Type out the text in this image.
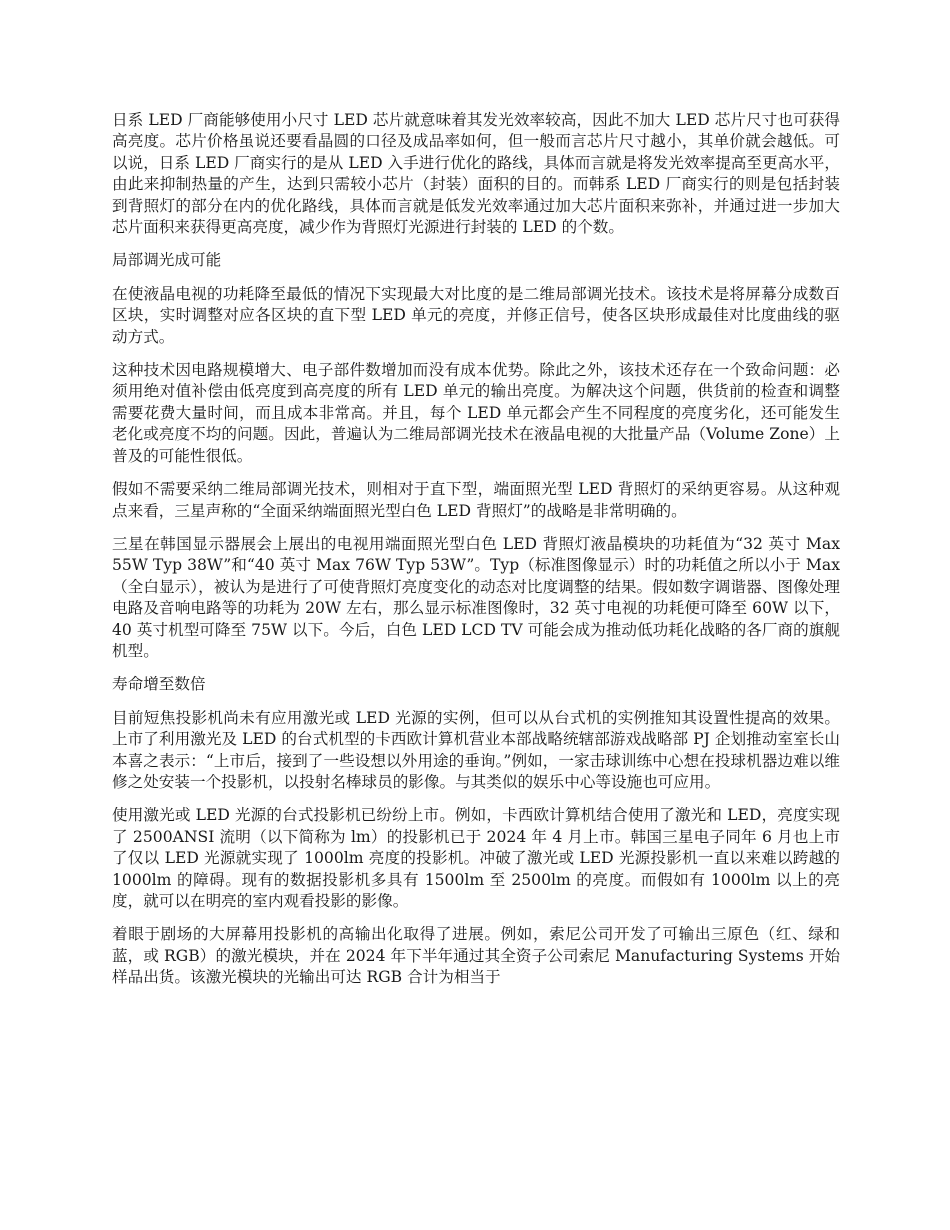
日系 LED 厂商能够使用小尺寸 LED 芯片就意味着其发光效率较高，因此不加大 LED 芯片尺寸也可获得高亮度。芯片价格虽说还要看晶圆的口径及成品率如何，但一般而言芯片尺寸越小，其单价就会越低。可以说，日系 LED 厂商实行的是从 LED 入手进行优化的路线，具体而言就是将发光效率提高至更高水平，由此来抑制热量的产生，达到只需较小芯片（封装）面积的目的。而韩系 LED 厂商实行的则是包括封装到背照灯的部分在内的优化路线，具体而言就是低发光效率通过加大芯片面积来弥补，并通过进一步加大芯片面积来获得更高亮度，减少作为背照灯光源进行封装的 LED 的个数。

局部调光成可能

在使液晶电视的功耗降至最低的情况下实现最大对比度的是二维局部调光技术。该技术是将屏幕分成数百区块，实时调整对应各区块的直下型 LED 单元的亮度，并修正信号，使各区块形成最佳对比度曲线的驱动方式。

这种技术因电路规模增大、电子部件数增加而没有成本优势。除此之外，该技术还存在一个致命问题：必须用绝对值补偿由低亮度到高亮度的所有 LED 单元的输出亮度。为解决这个问题，供货前的检查和调整需要花费大量时间，而且成本非常高。并且，每个 LED 单元都会产生不同程度的亮度劣化，还可能发生老化或亮度不均的问题。因此，普遍认为二维局部调光技术在液晶电视的大批量产品（Volume Zone）上普及的可能性很低。

假如不需要采纳二维局部调光技术，则相对于直下型，端面照光型 LED 背照灯的采纳更容易。从这种观点来看，三星声称的“全面采纳端面照光型白色 LED 背照灯”的战略是非常明确的。

三星在韩国显示器展会上展出的电视用端面照光型白色 LED 背照灯液晶模块的功耗值为“32 英寸 Max 55W Typ 38W”和“40 英寸 Max 76W Typ 53W”。Typ（标准图像显示）时的功耗值之所以小于 Max（全白显示），被认为是进行了可使背照灯亮度变化的动态对比度调整的结果。假如数字调谐器、图像处理电路及音响电路等的功耗为 20W 左右，那么显示标准图像时，32 英寸电视的功耗便可降至 60W 以下，40 英寸机型可降至 75W 以下。今后，白色 LED LCD TV 可能会成为推动低功耗化战略的各厂商的旗舰机型。

寿命增至数倍

目前短焦投影机尚未有应用激光或 LED 光源的实例，但可以从台式机的实例推知其设置性提高的效果。上市了利用激光及 LED 的台式机型的卡西欧计算机营业本部战略统辖部游戏战略部 PJ 企划推动室室长山本喜之表示：“上市后，接到了一些设想以外用途的垂询。”例如，一家击球训练中心想在投球机器边难以维修之处安装一个投影机，以投射名棒球员的影像。与其类似的娱乐中心等设施也可应用。

使用激光或 LED 光源的台式投影机已纷纷上市。例如，卡西欧计算机结合使用了激光和 LED，亮度实现了 2500ANSI 流明（以下简称为 lm）的投影机已于 2024 年 4 月上市。韩国三星电子同年 6 月也上市了仅以 LED 光源就实现了 1000lm 亮度的投影机。冲破了激光或 LED 光源投影机一直以来难以跨越的 1000lm 的障碍。现有的数据投影机多具有 1500lm 至 2500lm 的亮度。而假如有 1000lm 以上的亮度，就可以在明亮的室内观看投影的影像。

着眼于剧场的大屏幕用投影机的高输出化取得了进展。例如，索尼公司开发了可输出三原色（红、绿和蓝，或 RGB）的激光模块，并在 2024 年下半年通过其全资子公司索尼 Manufacturing Systems 开始样品出货。该激光模块的光输出可达 RGB 合计为相当于
